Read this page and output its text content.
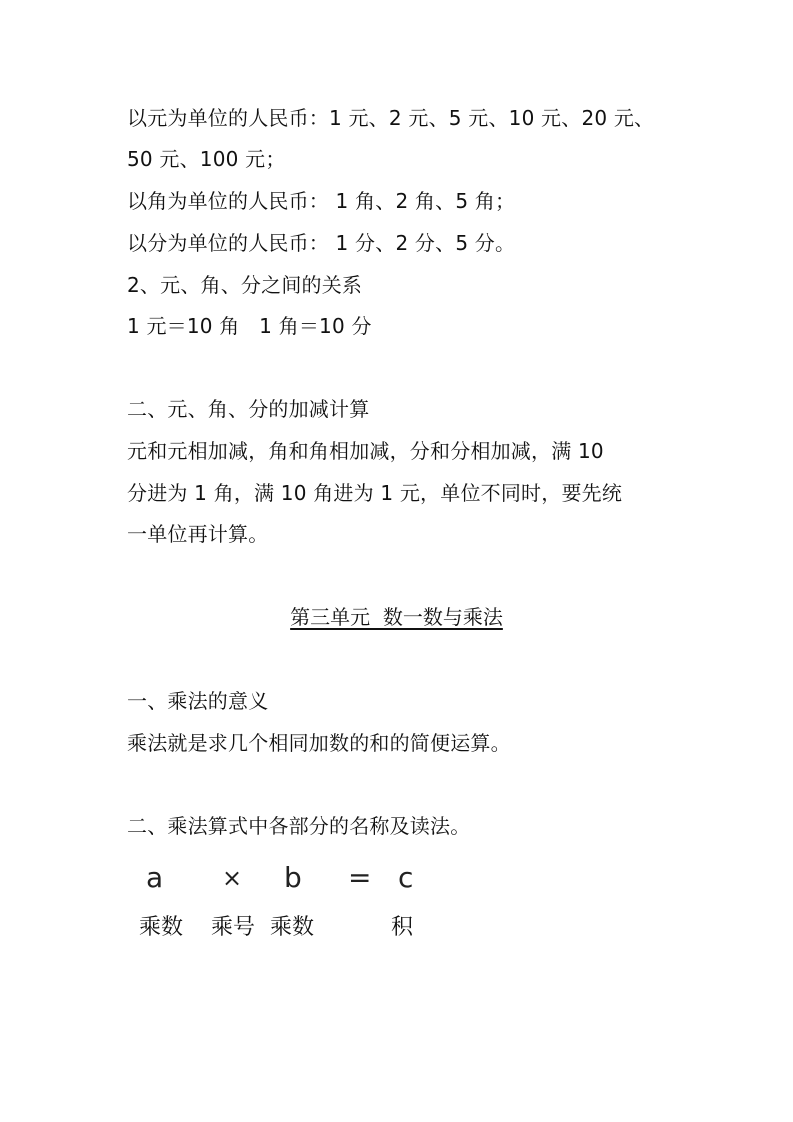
以元为单位的人民币：1 元、2 元、5 元、10 元、20 元、
50 元、100 元；
以角为单位的人民币： 1 角、2 角、5 角；
以分为单位的人民币： 1 分、2 分、5 分。
2、元、角、分之间的关系
1 元＝10 角   1 角＝10 分
二、元、角、分的加减计算
元和元相加减，角和角相加减，分和分相加减，满 10
分进为 1 角，满 10 角进为 1 元，单位不同时，要先统
一单位再计算。
第三单元  数一数与乘法
一、乘法的意义
乘法就是求几个相同加数的和的简便运算。
二、乘法算式中各部分的名称及读法。
a × b = c
乘数 乘号 乘数	积
